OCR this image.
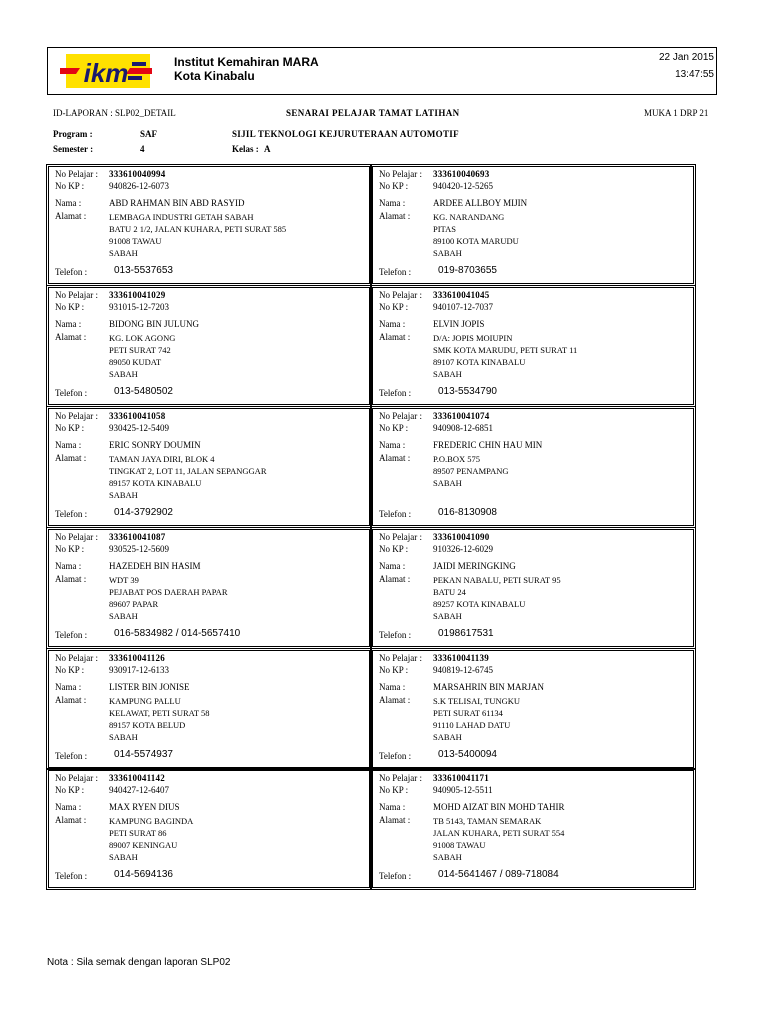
ikm	Institut Kemahiran MARA
Kota Kinabalu
22 Jan 2015
13:47:55
ID-LAPORAN : SLP02_DETAIL	SENARAI PELAJAR TAMAT LATIHAN	MUKA 1 DRP 21
Program :	SAF	SIJIL TEKNOLOGI KEJURUTERAAN AUTOMOTIF
Semester :	4	Kelas : A
No Pelajar : 333610040994
No KP :	940826-12-6073
Nama :	ABD RAHMAN BIN ABD RASYID
Alamat :	LEMBAGA INDUSTRI GETAH SABAH
BATU 2 1/2, JALAN KUHARA, PETI SURAT 585
91008 TAWAU
SABAH
Telefon :	013-5537653
No Pelajar : 333610040693
No KP :	940420-12-5265
Nama :	ARDEE ALLBOY MIJIN
Alamat :	KG. NARANDANG
PITAS
89100 KOTA MARUDU
SABAH
Telefon :	019-8703655
No Pelajar : 333610041029
No KP :	931015-12-7203
Nama :	BIDONG BIN JULUNG
Alamat :	KG. LOK AGONG
PETI SURAT 742
89050 KUDAT
SABAH
Telefon :	013-5480502
No Pelajar : 333610041045
No KP :	940107-12-7037
Nama :	ELVIN JOPIS
Alamat :	D/A: JOPIS MOIUPIN
SMK KOTA MARUDU, PETI SURAT 11
89107 KOTA KINABALU
SABAH
Telefon :	013-5534790
No Pelajar : 333610041058
No KP :	930425-12-5409
Nama :	ERIC SONRY DOUMIN
Alamat :	TAMAN JAYA DIRI, BLOK 4
TINGKAT 2, LOT 11, JALAN SEPANGGAR
89157 KOTA KINABALU
SABAH
Telefon :	014-3792902
No Pelajar : 333610041074
No KP :	940908-12-6851
Nama :	FREDERIC CHIN HAU MIN
Alamat :	P.O.BOX 575
89507 PENAMPANG
SABAH
Telefon :	016-8130908
No Pelajar : 333610041087
No KP :	930525-12-5609
Nama :	HAZEDEH BIN HASIM
Alamat :	WDT 39
PEJABAT POS DAERAH PAPAR
89607 PAPAR
SABAH
Telefon :	016-5834982 / 014-5657410
No Pelajar : 333610041090
No KP :	910326-12-6029
Nama :	JAIDI MERINGKING
Alamat :	PEKAN NABALU, PETI SURAT 95
BATU 24
89257 KOTA KINABALU
SABAH
Telefon :	0198617531
No Pelajar : 333610041126
No KP :	930917-12-6133
Nama :	LISTER BIN JONISE
Alamat :	KAMPUNG PALLU
KELAWAT, PETI SURAT 58
89157 KOTA BELUD
SABAH
Telefon :	014-5574937
No Pelajar : 333610041139
No KP :	940819-12-6745
Nama :	MARSAHRIN BIN MARJAN
Alamat :	S.K TELISAI, TUNGKU
PETI SURAT 61134
91110 LAHAD DATU
SABAH
Telefon :	013-5400094
No Pelajar : 333610041142
No KP :	940427-12-6407
Nama :	MAX RYEN DIUS
Alamat :	KAMPUNG BAGINDA
PETI SURAT 86
89007 KENINGAU
SABAH
Telefon :	014-5694136
No Pelajar : 333610041171
No KP :	940905-12-5511
Nama :	MOHD AIZAT BIN MOHD TAHIR
Alamat :	TB 5143, TAMAN SEMARAK
JALAN KUHARA, PETI SURAT 554
91008 TAWAU
SABAH
Telefon :	014-5641467 / 089-718084
Nota : Sila semak dengan laporan SLP02
